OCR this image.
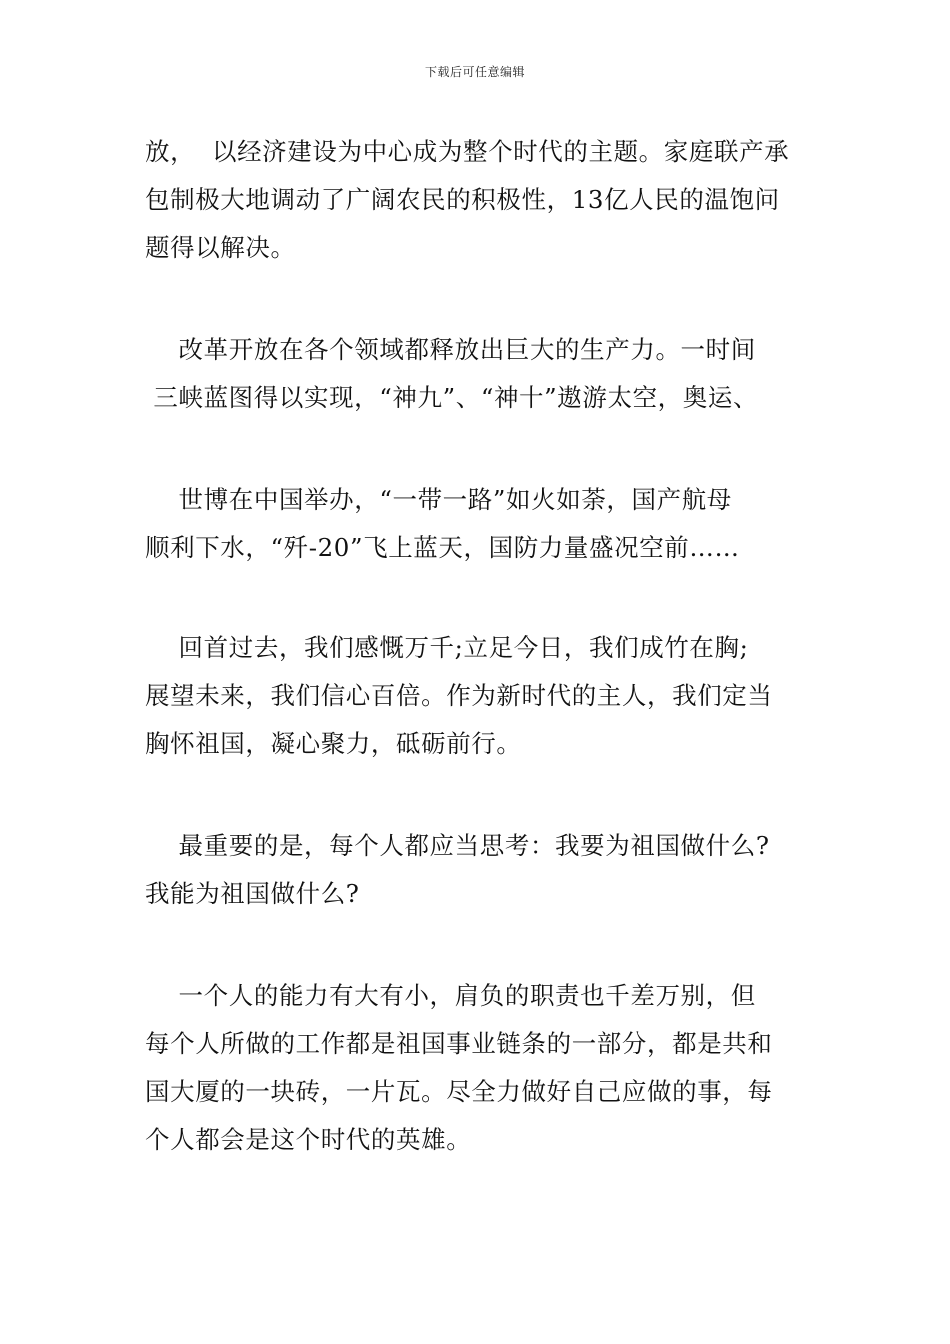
下载后可任意编辑
放，  以经济建设为中心成为整个时代的主题。家庭联产承
包制极大地调动了广阔农民的积极性，13亿人民的温饱问
题得以解决。
改革开放在各个领域都释放出巨大的生产力。一时间
三峡蓝图得以实现，“神九”、“神十”遨游太空，奥运、
世博在中国举办，“一带一路”如火如荼，国产航母
顺利下水，“歼-20”飞上蓝天，国防力量盛况空前……
回首过去，我们感慨万千;立足今日，我们成竹在胸;
展望未来，我们信心百倍。作为新时代的主人，我们定当
胸怀祖国，凝心聚力，砥砺前行。
最重要的是，每个人都应当思考：我要为祖国做什么?
我能为祖国做什么?
一个人的能力有大有小，肩负的职责也千差万别，但
每个人所做的工作都是祖国事业链条的一部分，都是共和
国大厦的一块砖，一片瓦。尽全力做好自己应做的事，每
个人都会是这个时代的英雄。
